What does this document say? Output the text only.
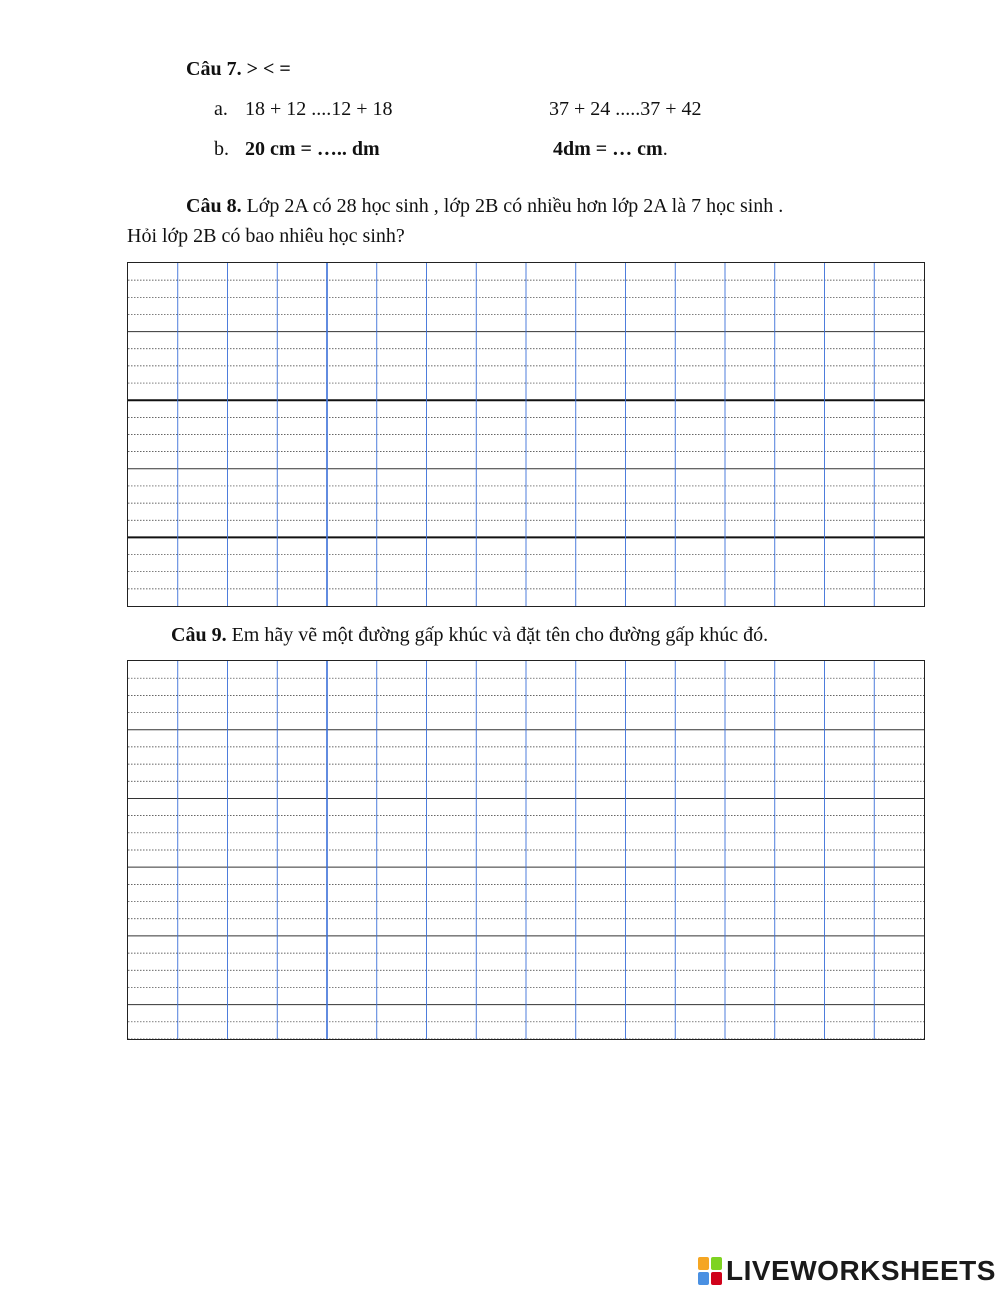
Câu 7. > < =
a. 18 + 12 ....12 + 18	37 + 24 .....37 + 42
b. 20 cm = ….. dm	4dm = … cm.
Câu 8. Lớp 2A có 28 học sinh , lớp 2B có nhiều hơn lớp 2A là 7 học sinh .
Hỏi lớp 2B có bao nhiêu học sinh?
Câu 9. Em hãy vẽ một đường gấp khúc và đặt tên cho đường gấp khúc đó.
LIVEWORKSHEETS
